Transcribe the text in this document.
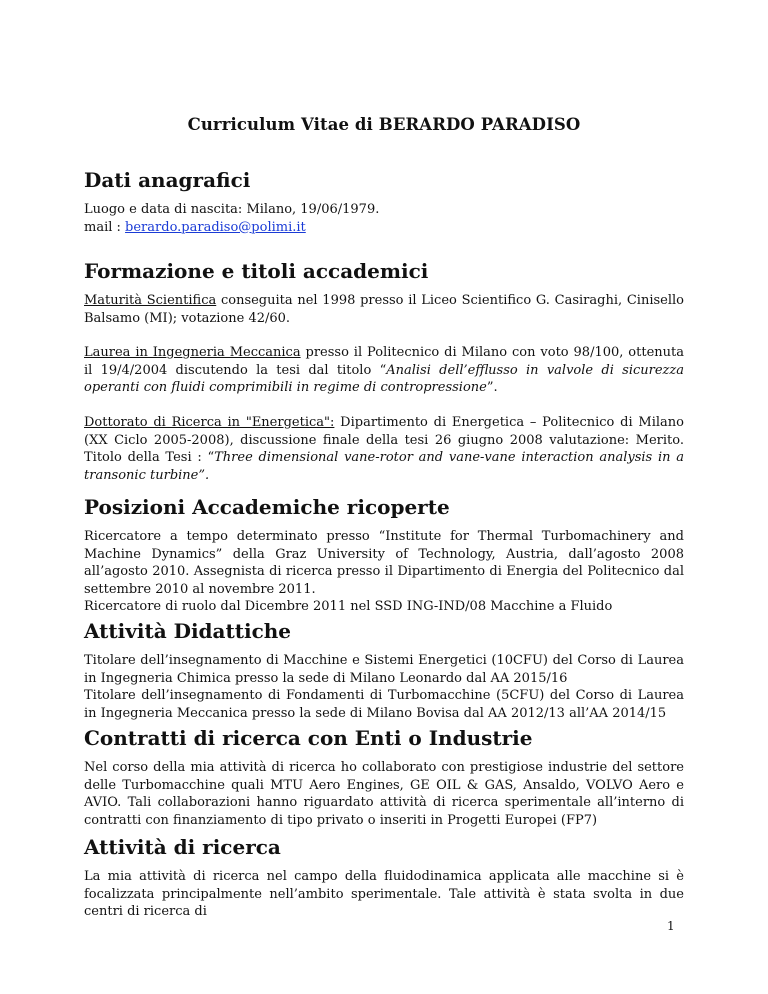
Curriculum Vitae di BERARDO PARADISO
Dati anagrafici

Luogo e data di nascita: Milano, 19/06/1979.
mail : berardo.paradiso@polimi.it

Formazione e titoli accademici

Maturità Scientifica conseguita nel 1998 presso il Liceo Scientifico G. Casiraghi, Cinisello Balsamo (MI); votazione 42/60.

Laurea in Ingegneria Meccanica presso il Politecnico di Milano con voto 98/100, ottenuta il 19/4/2004 discutendo la tesi dal titolo “Analisi dell’efflusso in valvole di sicurezza operanti con fluidi comprimibili in regime di contropressione”.

Dottorato di Ricerca in "Energetica": Dipartimento di Energetica – Politecnico di Milano (XX Ciclo 2005-2008), discussione finale della tesi 26 giugno 2008 valutazione: Merito. Titolo della Tesi : “Three dimensional vane-rotor and vane-vane interaction analysis in a transonic turbine”.

Posizioni Accademiche ricoperte

Ricercatore a tempo determinato presso “Institute for Thermal Turbomachinery and Machine Dynamics” della Graz University of Technology, Austria, dall’agosto 2008 all’agosto 2010. Assegnista di ricerca presso il Dipartimento di Energia del Politecnico dal settembre 2010 al novembre 2011.
Ricercatore di ruolo dal Dicembre 2011 nel SSD ING-IND/08 Macchine a Fluido

Attività Didattiche

Titolare dell’insegnamento di Macchine e Sistemi Energetici (10CFU) del Corso di Laurea in Ingegneria Chimica presso la sede di Milano Leonardo dal AA 2015/16
Titolare dell’insegnamento di Fondamenti di Turbomacchine (5CFU) del Corso di Laurea in Ingegneria Meccanica presso la sede di Milano Bovisa dal AA 2012/13 all’AA 2014/15

Contratti di ricerca con Enti o Industrie

Nel corso della mia attività di ricerca ho collaborato con prestigiose industrie del settore delle Turbomacchine quali MTU Aero Engines, GE OIL & GAS, Ansaldo, VOLVO Aero e AVIO. Tali collaborazioni hanno riguardato attività di ricerca sperimentale all’interno di contratti con finanziamento di tipo privato o inseriti in Progetti Europei (FP7)

Attività di ricerca

La mia attività di ricerca nel campo della fluidodinamica applicata alle macchine si è focalizzata principalmente nell’ambito sperimentale. Tale attività è stata svolta in due centri di ricerca di

1
